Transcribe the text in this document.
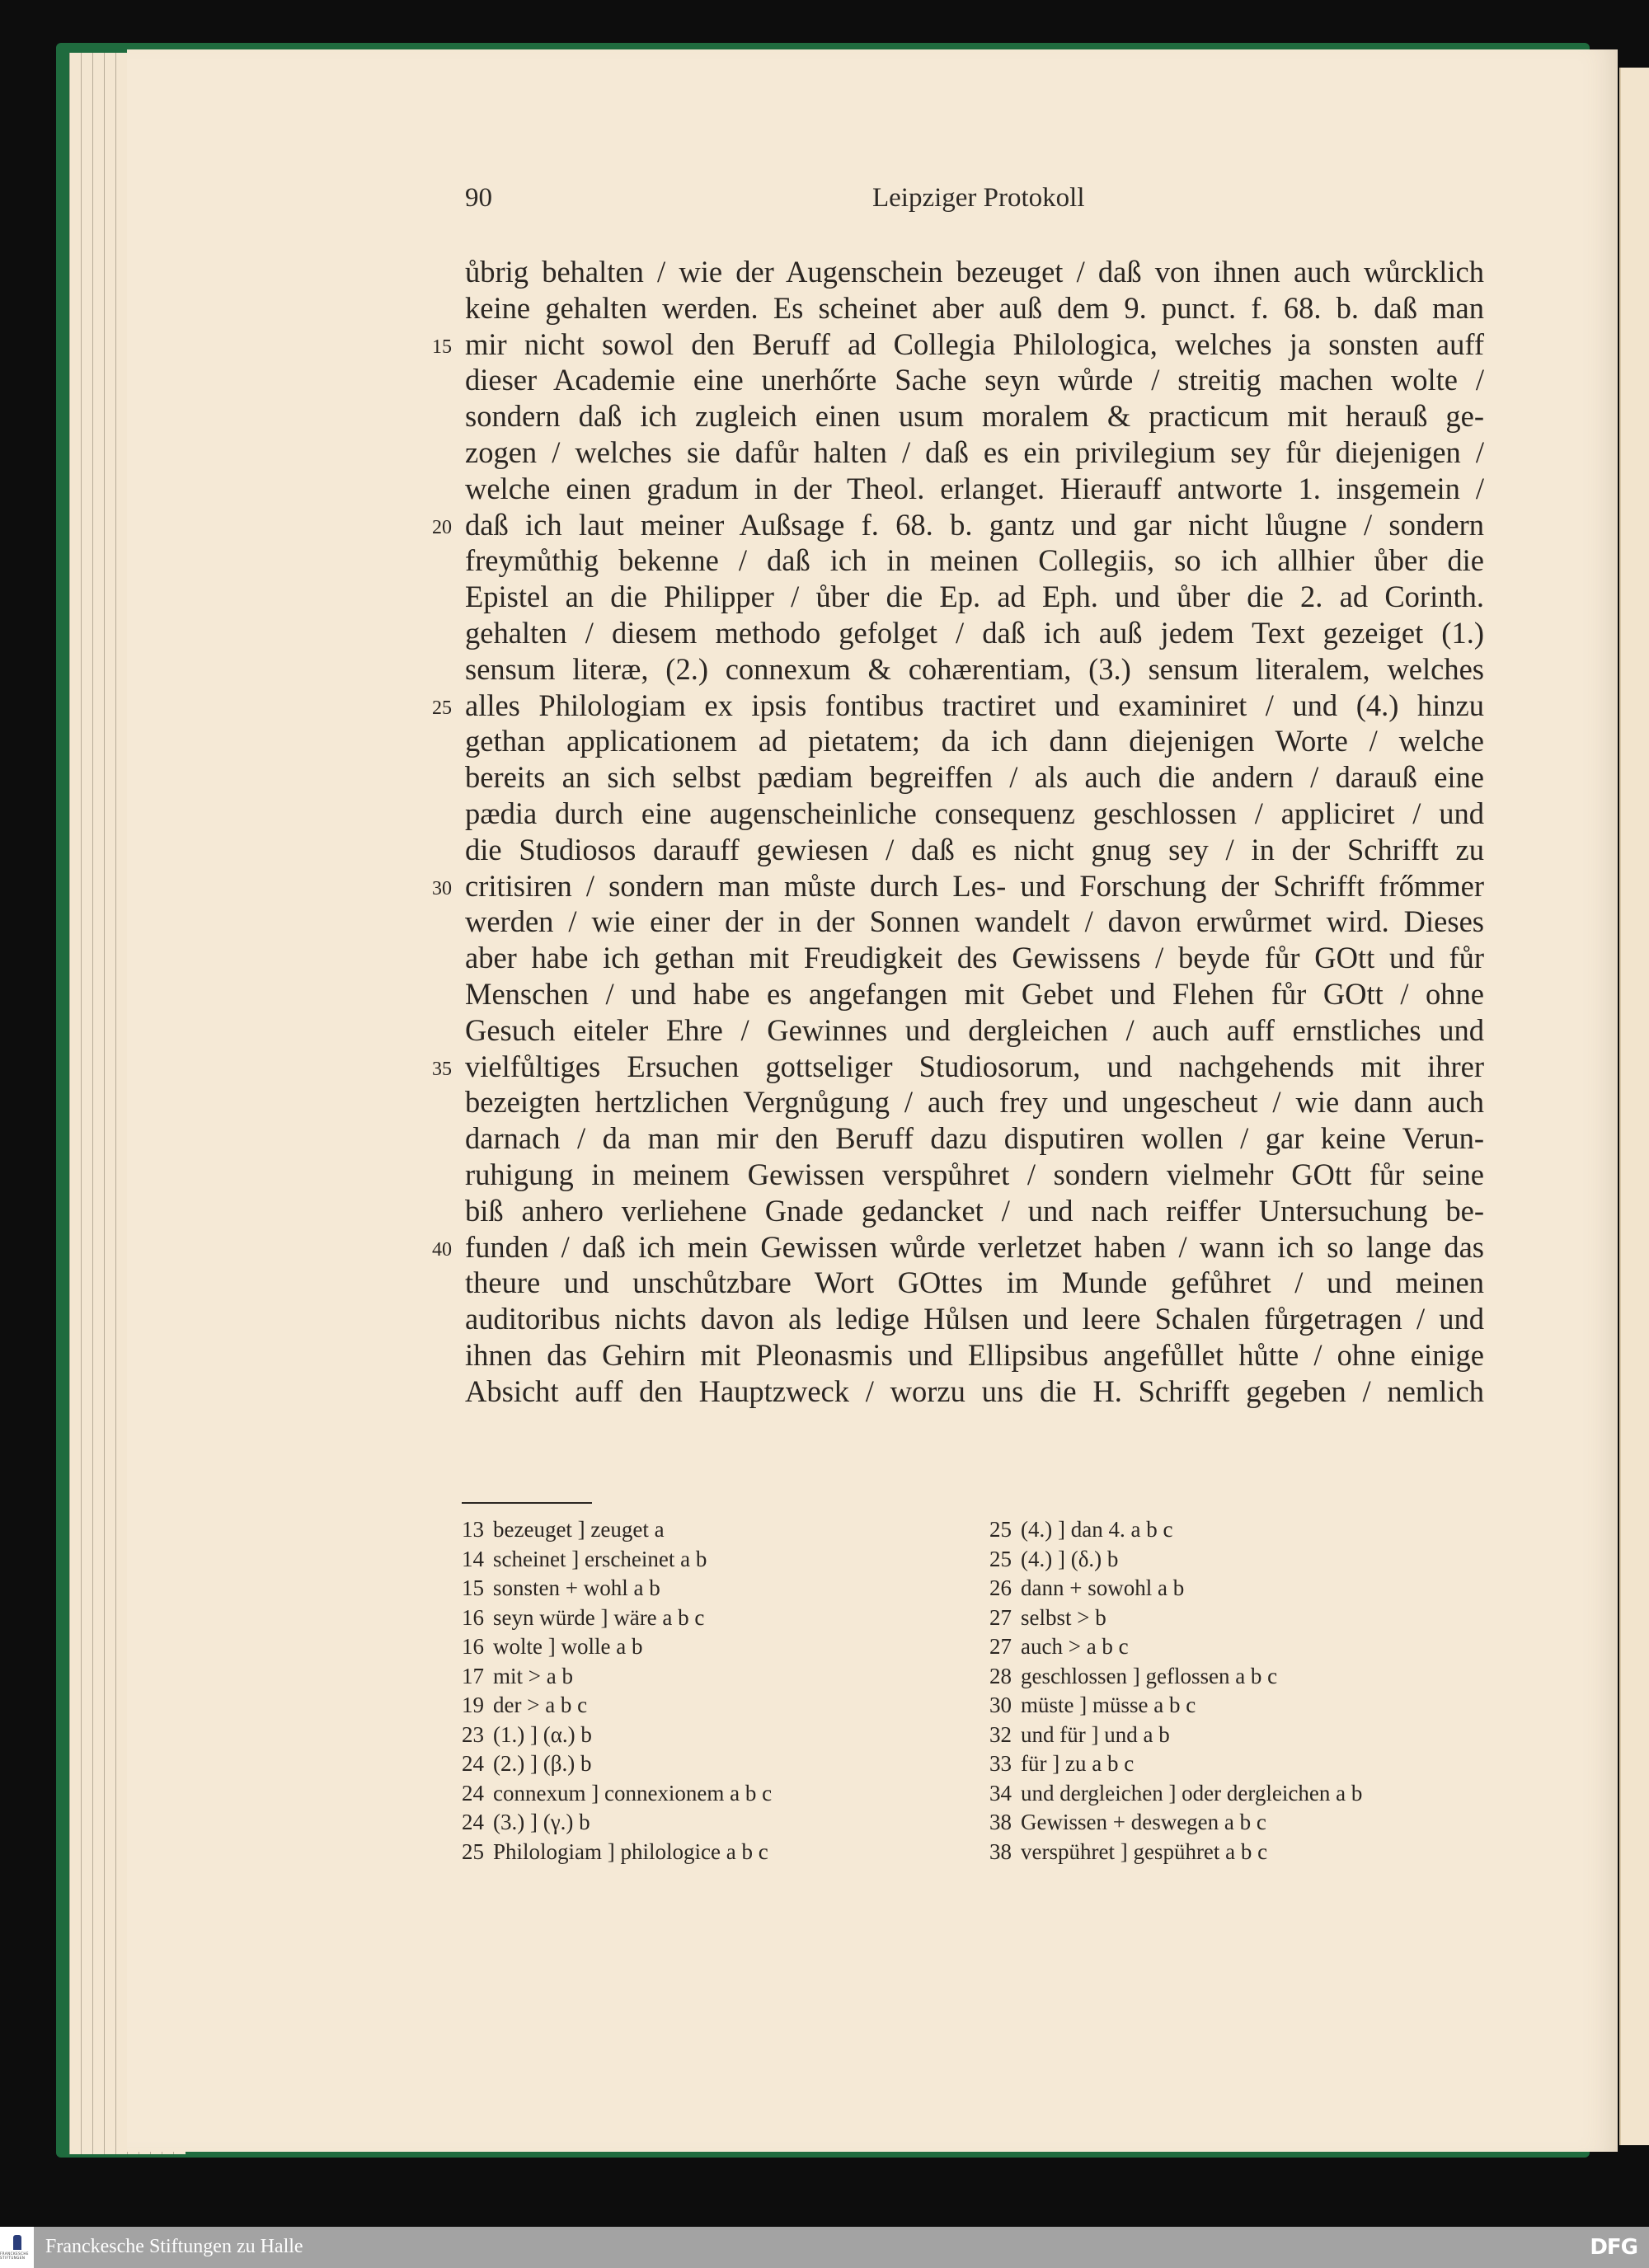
90	Leipziger Protokoll
ůbrig behalten / wie der Augenschein bezeuget / daß von ihnen auch wůrcklich
keine gehalten werden. Es scheinet aber auß dem 9. punct. f. 68. b. daß man
15 mir nicht sowol den Beruff ad Collegia Philologica, welches ja sonsten auff
dieser Academie eine unerhőrte Sache seyn wůrde / streitig machen wolte /
sondern daß ich zugleich einen usum moralem & practicum mit herauß ge-
zogen / welches sie dafůr halten / daß es ein privilegium sey fůr diejenigen /
welche einen gradum in der Theol. erlanget. Hierauff antworte 1. insgemein /
20 daß ich laut meiner Außsage f. 68. b. gantz und gar nicht lůugne / sondern
freymůthig bekenne / daß ich in meinen Collegiis, so ich allhier ůber die
Epistel an die Philipper / ůber die Ep. ad Eph. und ůber die 2. ad Corinth.
gehalten / diesem methodo gefolget / daß ich auß jedem Text gezeiget (1.)
sensum literæ, (2.) connexum & cohærentiam, (3.) sensum literalem, welches
25 alles Philologiam ex ipsis fontibus tractiret und examiniret / und (4.) hinzu
gethan applicationem ad pietatem; da ich dann diejenigen Worte / welche
bereits an sich selbst pædiam begreiffen / als auch die andern / darauß eine
pædia durch eine augenscheinliche consequenz geschlossen / appliciret / und
die Studiosos darauff gewiesen / daß es nicht gnug sey / in der Schrifft zu
30 critisiren / sondern man můste durch Les- und Forschung der Schrifft frőmmer
werden / wie einer der in der Sonnen wandelt / davon erwůrmet wird. Dieses
aber habe ich gethan mit Freudigkeit des Gewissens / beyde fůr GOtt und fůr
Menschen / und habe es angefangen mit Gebet und Flehen fůr GOtt / ohne
Gesuch eiteler Ehre / Gewinnes und dergleichen / auch auff ernstliches und
35 vielfůltiges Ersuchen gottseliger Studiosorum, und nachgehends mit ihrer
bezeigten hertzlichen Vergnůgung / auch frey und ungescheut / wie dann auch
darnach / da man mir den Beruff dazu disputiren wollen / gar keine Verun-
ruhigung in meinem Gewissen verspůhret / sondern vielmehr GOtt fůr seine
biß anhero verliehene Gnade gedancket / und nach reiffer Untersuchung be-
40 funden / daß ich mein Gewissen wůrde verletzet haben / wann ich so lange das
theure und unschůtzbare Wort GOttes im Munde gefůhret / und meinen
auditoribus nichts davon als ledige Hůlsen und leere Schalen fůrgetragen / und
ihnen das Gehirn mit Pleonasmis und Ellipsibus angefůllet hůtte / ohne einige
Absicht auff den Hauptzweck / worzu uns die H. Schrifft gegeben / nemlich
13 bezeuget ] zeuget a
14 scheinet ] erscheinet a b
15 sonsten + wohl a b
16 seyn würde ] wäre a b c
16 wolte ] wolle a b
17 mit > a b
19 der > a b c
23 (1.) ] (α.) b
24 (2.) ] (β.) b
24 connexum ] connexionem a b c
24 (3.) ] (γ.) b
25 Philologiam ] philologice a b c
25 (4.) ] dan 4. a b c
25 (4.) ] (δ.) b
26 dann + sowohl a b
27 selbst > b
27 auch > a b c
28 geschlossen ] geflossen a b c
30 müste ] müsse a b c
32 und für ] und a b
33 für ] zu a b c
34 und dergleichen ] oder dergleichen a b
38 Gewissen + deswegen a b c
38 verspühret ] gespühret a b c
FRANCKESCHE STIFTUNGEN
Franckesche Stiftungen zu Halle	DFG
